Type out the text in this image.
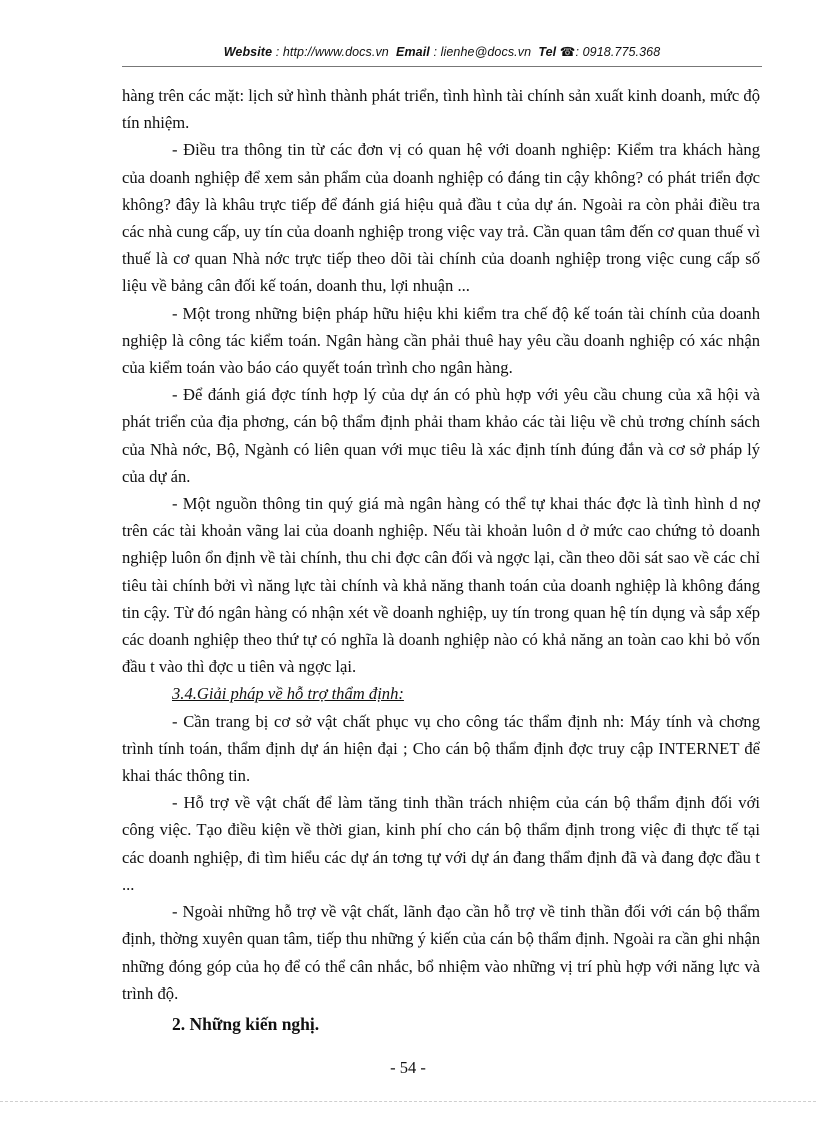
Website : http://www.docs.vn Email : lienhe@docs.vn Tel ☎: 0918.775.368

hàng trên các mặt: lịch sử hình thành phát triển, tình hình tài chính sản xuất kinh doanh, mức độ tín nhiệm.

- Điều tra thông tin từ các đơn vị có quan hệ với doanh nghiệp: Kiểm tra khách hàng của doanh nghiệp để xem sản phẩm của doanh nghiệp có đáng tin cậy không? có phát triển đợc không? đây là khâu trực tiếp để đánh giá hiệu quả đầu t của dự án. Ngoài ra còn phải điều tra các nhà cung cấp, uy tín của doanh nghiệp trong việc vay trả. Cần quan tâm đến cơ quan thuế vì thuế là cơ quan Nhà nớc trực tiếp theo dõi tài chính của doanh nghiệp trong việc cung cấp số liệu về bảng cân đối kế toán, doanh thu, lợi nhuận ...

- Một trong những biện pháp hữu hiệu khi kiểm tra chế độ kế toán tài chính của doanh nghiệp là công tác kiểm toán. Ngân hàng cần phải thuê hay yêu cầu doanh nghiệp có xác nhận của kiểm toán vào báo cáo quyết toán trình cho ngân hàng.

- Để đánh giá đợc tính hợp lý của dự án có phù hợp với yêu cầu chung của xã hội và phát triển của địa phơng, cán bộ thẩm định phải tham khảo các tài liệu về chủ trơng chính sách của Nhà nớc, Bộ, Ngành có liên quan với mục tiêu là xác định tính đúng đắn và cơ sở pháp lý của dự án.

- Một nguồn thông tin quý giá mà ngân hàng có thể tự khai thác đợc là tình hình d nợ trên các tài khoản vãng lai của doanh nghiệp. Nếu tài khoản luôn d ở mức cao chứng tỏ doanh nghiệp luôn ổn định về tài chính, thu chi đợc cân đối và ngợc lại, cần theo dõi sát sao về các chỉ tiêu tài chính bởi vì năng lực tài chính và khả năng thanh toán của doanh nghiệp là không đáng tin cậy. Từ đó ngân hàng có nhận xét về doanh nghiệp, uy tín trong quan hệ tín dụng và sắp xếp các doanh nghiệp theo thứ tự có nghĩa là doanh nghiệp nào có khả năng an toàn cao khi bỏ vốn đầu t vào thì đợc u tiên và ngợc lại.

3.4.Giải pháp về hỗ trợ thẩm định:

- Cần trang bị cơ sở vật chất phục vụ cho công tác thẩm định nh: Máy tính và chơng trình tính toán, thẩm định dự án hiện đại ; Cho cán bộ thẩm định đợc truy cập INTERNET để khai thác thông tin.

- Hỗ trợ về vật chất để làm tăng tinh thần trách nhiệm của cán bộ thẩm định đối với công việc. Tạo điều kiện về thời gian, kinh phí cho cán bộ thẩm định trong việc đi thực tế tại các doanh nghiệp, đi tìm hiểu các dự án tơng tự với dự án đang thẩm định đã và đang đợc đầu t ...

- Ngoài những hỗ trợ về vật chất, lãnh đạo cần hỗ trợ về tinh thần đối với cán bộ thẩm định, thờng xuyên quan tâm, tiếp thu những ý kiến của cán bộ thẩm định. Ngoài ra cần ghi nhận những đóng góp của họ để có thể cân nhắc, bổ nhiệm vào những vị trí phù hợp với năng lực và trình độ.

2. Những kiến nghị.

- 54 -
